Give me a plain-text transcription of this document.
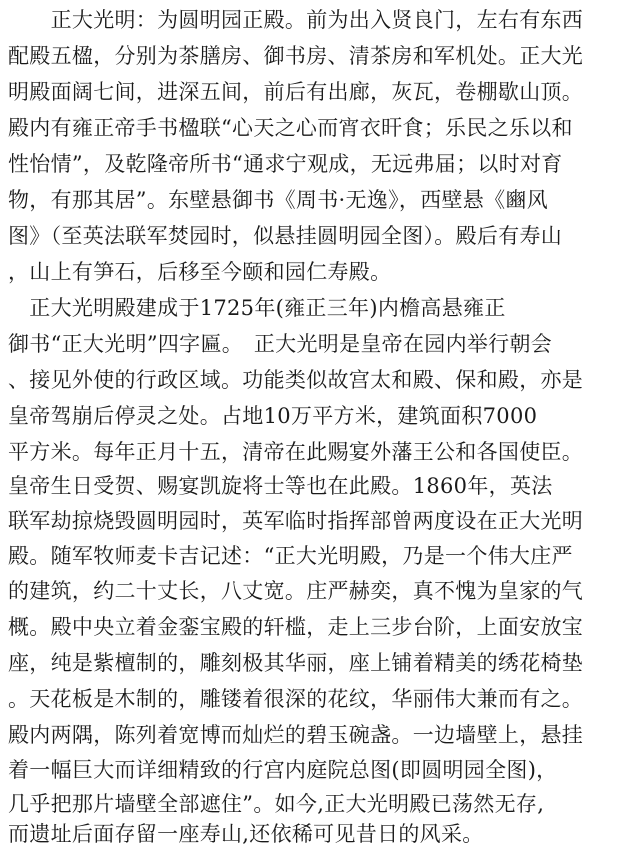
　　正大光明：为圆明园正殿。前为出入贤良门，左右有东西
配殿五楹，分别为茶膳房、御书房、清茶房和军机处。正大光
明殿面阔七间，进深五间，前后有出廊，灰瓦，卷棚歇山顶。
殿内有雍正帝手书楹联“心天之心而宵衣旰食；乐民之乐以和
性怡情”，及乾隆帝所书“通求宁观成，无远弗届；以时对育
物，有那其居”。东壁悬御书《周书·无逸》，西壁悬《豳风
图》（至英法联军焚园时，似悬挂圆明园全图）。殿后有寿山
，山上有笋石，后移至今颐和园仁寿殿。
　正大光明殿建成于1725年(雍正三年)内檐高悬雍正
御书“正大光明”四字匾。　正大光明是皇帝在园内举行朝会
、接见外使的行政区域。功能类似故宫太和殿、保和殿，亦是
皇帝驾崩后停灵之处。占地10万平方米，建筑面积7000
平方米。每年正月十五，清帝在此赐宴外藩王公和各国使臣。
皇帝生日受贺、赐宴凯旋将士等也在此殿。1860年，英法
联军劫掠烧毁圆明园时，英军临时指挥部曾两度设在正大光明
殿。随军牧师麦卡吉记述：“正大光明殿，乃是一个伟大庄严
的建筑，约二十丈长，八丈宽。庄严赫奕，真不愧为皇家的气
概。殿中央立着金銮宝殿的轩槛，走上三步台阶，上面安放宝
座，纯是紫檀制的，雕刻极其华丽，座上铺着精美的绣花椅垫
。天花板是木制的，雕镂着很深的花纹，华丽伟大兼而有之。
殿内两隅，陈列着宽博而灿烂的碧玉碗盏。一边墙壁上，悬挂
着一幅巨大而详细精致的行宫内庭院总图(即圆明园全图)，
几乎把那片墙壁全部遮住”。如今,正大光明殿已荡然无存,
而遗址后面存留一座寿山,还依稀可见昔日的风采。
